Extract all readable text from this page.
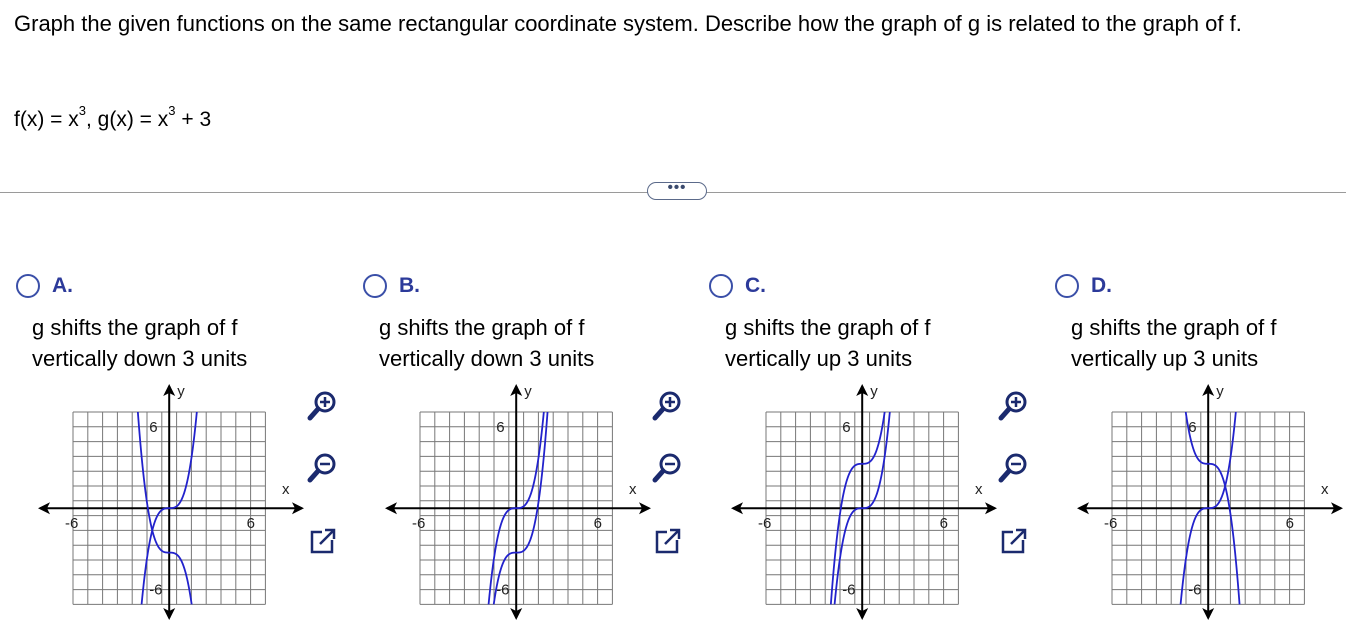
Graph the given functions on the same rectangular coordinate system. Describe how the graph of g is related to the graph of f.
$f(x) = x^3$, $g(x) = x^3 + 3$
•••
A.
g shifts the graph of f
vertically down 3 units
y
x
-6	6
6
-6
B.
g shifts the graph of f
vertically down 3 units
y
x
-6	6
6
-6
C.
g shifts the graph of f
vertically up 3 units
y
x
-6	6
6
-6
D.
g shifts the graph of f
vertically up 3 units
y
x
-6	6
6
-6
